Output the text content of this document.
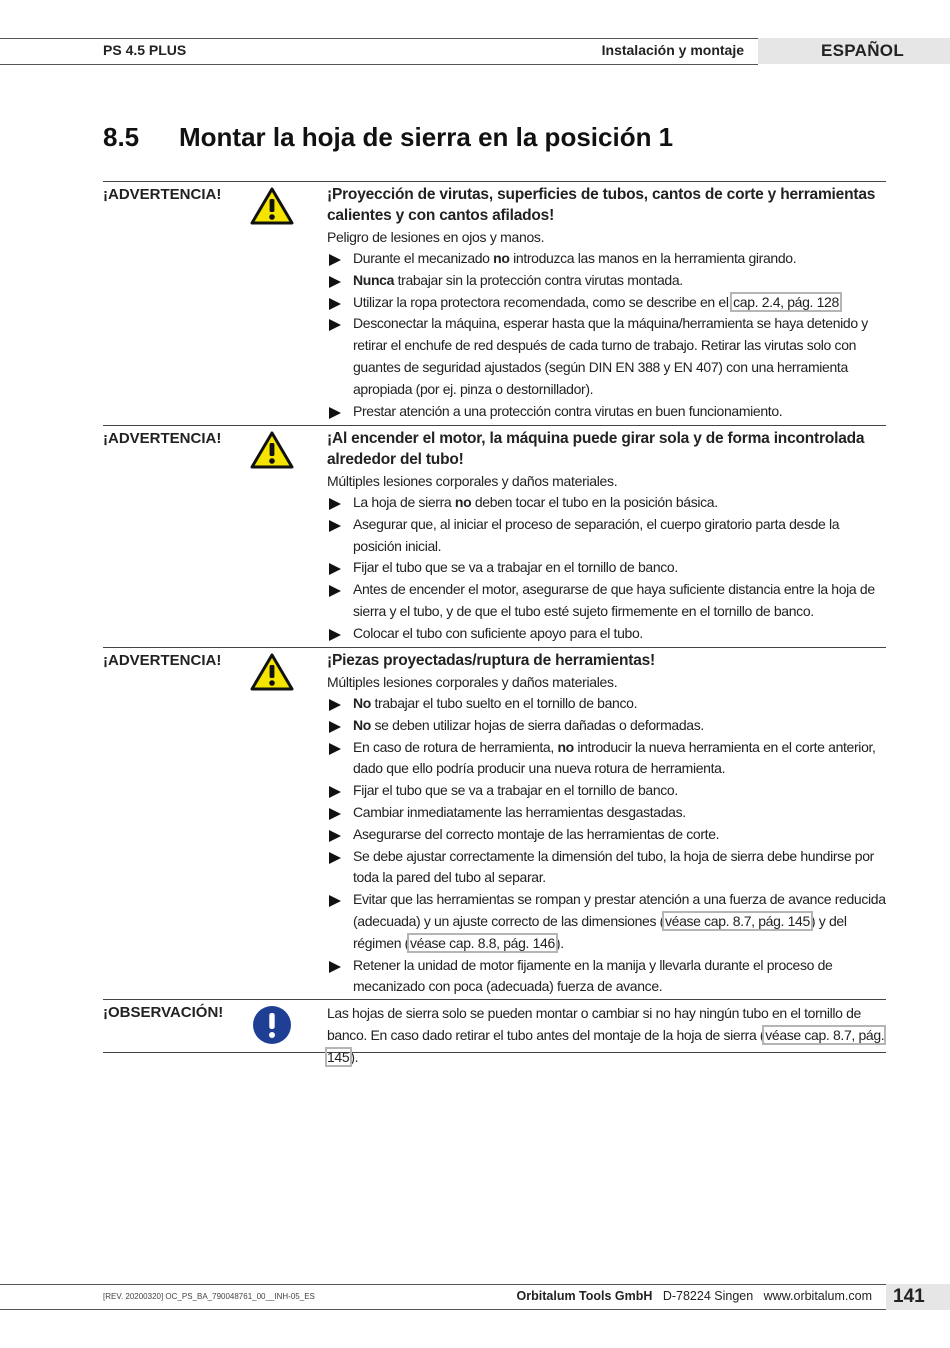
PS 4.5 PLUS	Instalación y montaje	ESPAÑOL
8.5 Montar la hoja de sierra en la posición 1
¡ADVERTENCIA!	¡Proyección de virutas, superficies de tubos, cantos de corte y herramientas calientes y con cantos afilados!
Peligro de lesiones en ojos y manos.
Durante el mecanizado no introduzca las manos en la herramienta girando.
Nunca trabajar sin la protección contra virutas montada.
Utilizar la ropa protectora recomendada, como se describe en el cap. 2.4, pág. 128
Desconectar la máquina, esperar hasta que la máquina/herramienta se haya detenido y retirar el enchufe de red después de cada turno de trabajo. Retirar las virutas solo con guantes de seguridad ajustados (según DIN EN 388 y EN 407) con una herramienta apropiada (por ej. pinza o destornillador).
Prestar atención a una protección contra virutas en buen funcionamiento.
¡ADVERTENCIA!	¡Al encender el motor, la máquina puede girar sola y de forma incontrolada alrededor del tubo!
Múltiples lesiones corporales y daños materiales.
La hoja de sierra no deben tocar el tubo en la posición básica.
Asegurar que, al iniciar el proceso de separación, el cuerpo giratorio parta desde la posición inicial.
Fijar el tubo que se va a trabajar en el tornillo de banco.
Antes de encender el motor, asegurarse de que haya suficiente distancia entre la hoja de sierra y el tubo, y de que el tubo esté sujeto firmemente en el tornillo de banco.
Colocar el tubo con suficiente apoyo para el tubo.
¡ADVERTENCIA!	¡Piezas proyectadas/ruptura de herramientas!
Múltiples lesiones corporales y daños materiales.
No trabajar el tubo suelto en el tornillo de banco.
No se deben utilizar hojas de sierra dañadas o deformadas.
En caso de rotura de herramienta, no introducir la nueva herramienta en el corte anterior, dado que ello podría producir una nueva rotura de herramienta.
Fijar el tubo que se va a trabajar en el tornillo de banco.
Cambiar inmediatamente las herramientas desgastadas.
Asegurarse del correcto montaje de las herramientas de corte.
Se debe ajustar correctamente la dimensión del tubo, la hoja de sierra debe hundirse por toda la pared del tubo al separar.
Evitar que las herramientas se rompan y prestar atención a una fuerza de avance reducida (adecuada) y un ajuste correcto de las dimensiones (véase cap. 8.7, pág. 145) y del régimen (véase cap. 8.8, pág. 146).
Retener la unidad de motor fijamente en la manija y llevarla durante el proceso de mecanizado con poca (adecuada) fuerza de avance.
¡OBSERVACIÓN!	Las hojas de sierra solo se pueden montar o cambiar si no hay ningún tubo en el tornillo de banco. En caso dado retirar el tubo antes del montaje de la hoja de sierra (véase cap. 8.7, pág. 145).
[REV. 20200320] OC_PS_BA_790048761_00__INH-05_ES	Orbitalum Tools GmbH D-78224 Singen www.orbitalum.com 141
